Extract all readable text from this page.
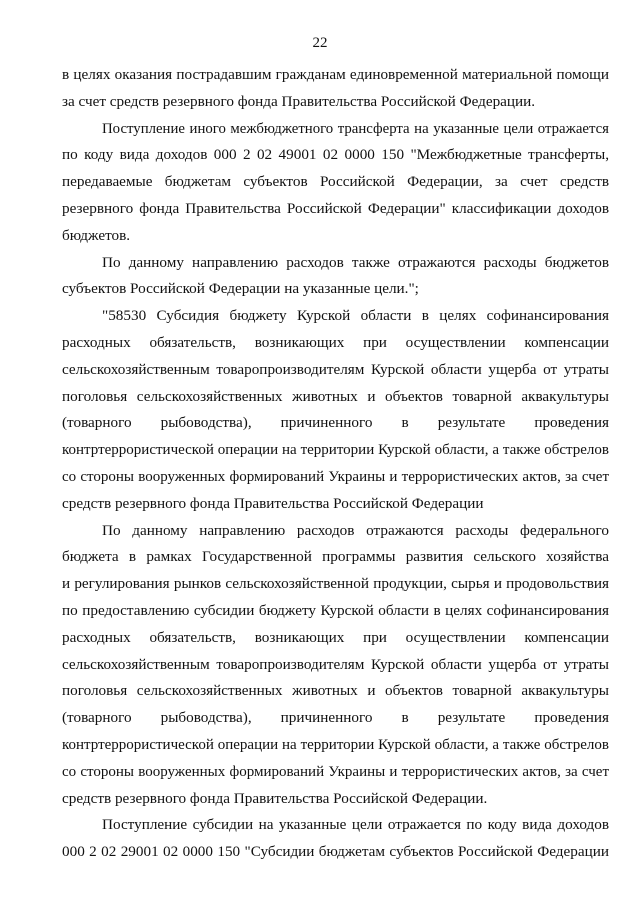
22
в целях оказания пострадавшим гражданам единовременной материальной помощи
за счет средств резервного фонда Правительства Российской Федерации.
Поступление иного межбюджетного трансферта на указанные цели отражается
по коду вида доходов 000 2 02 49001 02 0000 150 "Межбюджетные трансферты,
передаваемые бюджетам субъектов Российской Федерации, за счет средств
резервного фонда Правительства Российской Федерации" классификации доходов
бюджетов.
По данному направлению расходов также отражаются расходы бюджетов
субъектов Российской Федерации на указанные цели.";
"58530 Субсидия бюджету Курской области в целях софинансирования
расходных обязательств, возникающих при осуществлении компенсации
сельскохозяйственным товаропроизводителям Курской области ущерба от утраты
поголовья сельскохозяйственных животных и объектов товарной аквакультуры
(товарного рыбоводства), причиненного в результате проведения
контртеррористической операции на территории Курской области, а также обстрелов
со стороны вооруженных формирований Украины и террористических актов, за счет
средств резервного фонда Правительства Российской Федерации
По данному направлению расходов отражаются расходы федерального
бюджета в рамках Государственной программы развития сельского хозяйства
и регулирования рынков сельскохозяйственной продукции, сырья и продовольствия
по предоставлению субсидии бюджету Курской области в целях софинансирования
расходных обязательств, возникающих при осуществлении компенсации
сельскохозяйственным товаропроизводителям Курской области ущерба от утраты
поголовья сельскохозяйственных животных и объектов товарной аквакультуры
(товарного рыбоводства), причиненного в результате проведения
контртеррористической операции на территории Курской области, а также обстрелов
со стороны вооруженных формирований Украины и террористических актов, за счет
средств резервного фонда Правительства Российской Федерации.
Поступление субсидии на указанные цели отражается по коду вида доходов
000 2 02 29001 02 0000 150 "Субсидии бюджетам субъектов Российской Федерации
